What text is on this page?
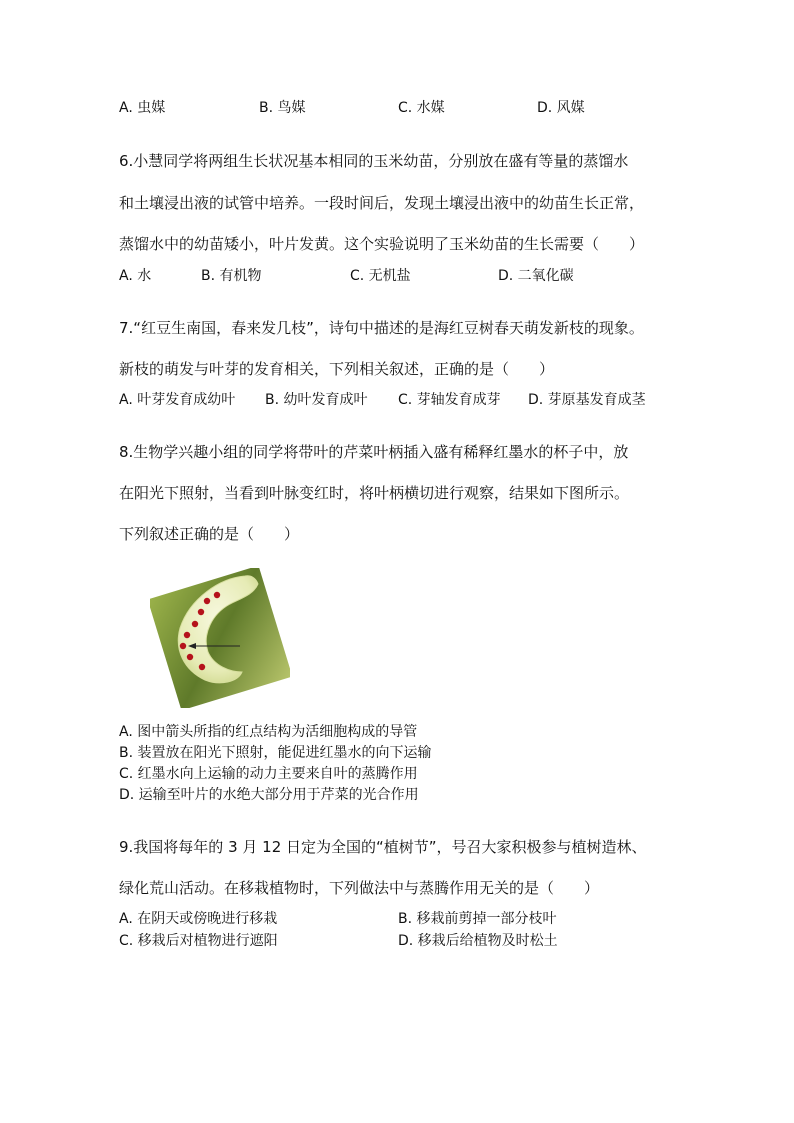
A. 虫媒	B. 鸟媒	C. 水媒	D. 风媒
6.小慧同学将两组生长状况基本相同的玉米幼苗，分别放在盛有等量的蒸馏水
和土壤浸出液的试管中培养。一段时间后，发现土壤浸出液中的幼苗生长正常，
蒸馏水中的幼苗矮小，叶片发黄。这个实验说明了玉米幼苗的生长需要（　　）
A. 水	B. 有机物	C. 无机盐	D. 二氧化碳
7.“红豆生南国，春来发几枝”，诗句中描述的是海红豆树春天萌发新枝的现象。
新枝的萌发与叶芽的发育相关，下列相关叙述，正确的是（　　）
A. 叶芽发育成幼叶 B. 幼叶发育成叶 C. 芽轴发育成芽 D. 芽原基发育成茎
8.生物学兴趣小组的同学将带叶的芹菜叶柄插入盛有稀释红墨水的杯子中，放
在阳光下照射，当看到叶脉变红时，将叶柄横切进行观察，结果如下图所示。
下列叙述正确的是（　　）
A. 图中箭头所指的红点结构为活细胞构成的导管
B. 装置放在阳光下照射，能促进红墨水的向下运输
C. 红墨水向上运输的动力主要来自叶的蒸腾作用
D. 运输至叶片的水绝大部分用于芹菜的光合作用
9.我国将每年的 3 月 12 日定为全国的“植树节”，号召大家积极参与植树造林、
绿化荒山活动。在移栽植物时，下列做法中与蒸腾作用无关的是（　　）
A. 在阴天或傍晚进行移栽	B. 移栽前剪掉一部分枝叶
C. 移栽后对植物进行遮阳	D. 移栽后给植物及时松土
